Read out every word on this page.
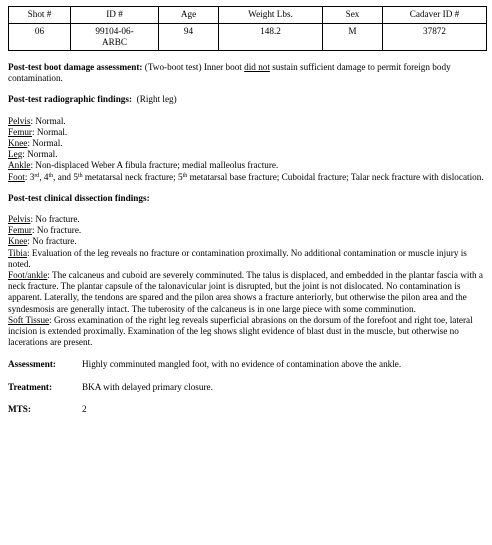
Shot #	ID #	Age	Weight Lbs.	Sex	Cadaver ID #
06	99104-06-ARBC	94	148.2	M	37872

Post-test boot damage assessment: (Two-boot test) Inner boot did not sustain sufficient damage to permit foreign body contamination.

Post-test radiographic findings: (Right leg)

Pelvis: Normal.

Femur: Normal.

Knee: Normal.

Leg: Normal.

Ankle: Non-displaced Weber A fibula fracture; medial malleolus fracture.

Foot: 3rd, 4th, and 5th metatarsal neck fracture; 5th metatarsal base fracture; Cuboidal fracture; Talar neck fracture with dislocation.

Post-test clinical dissection findings:

Pelvis: No fracture.

Femur: No fracture.

Knee: No fracture.

Tibia: Evaluation of the leg reveals no fracture or contamination proximally. No additional contamination or muscle injury is noted.

Foot/ankle: The calcaneus and cuboid are severely comminuted. The talus is displaced, and embedded in the plantar fascia with a neck fracture. The plantar capsule of the talonavicular joint is disrupted, but the joint is not dislocated. No contamination is apparent. Laterally, the tendons are spared and the pilon area shows a fracture anteriorly, but otherwise the pilon area and the syndesmosis are generally intact. The tuberosity of the calcaneus is in one large piece with some comminution.

Soft Tissue: Gross examination of the right leg reveals superficial abrasions on the dorsum of the forefoot and right toe, lateral incision is extended proximally. Examination of the leg shows slight evidence of blast dust in the muscle, but otherwise no lacerations are present.

Assessment:	Highly comminuted mangled foot, with no evidence of contamination above the ankle.
Treatment:	BKA with delayed primary closure.
MTS:	2
